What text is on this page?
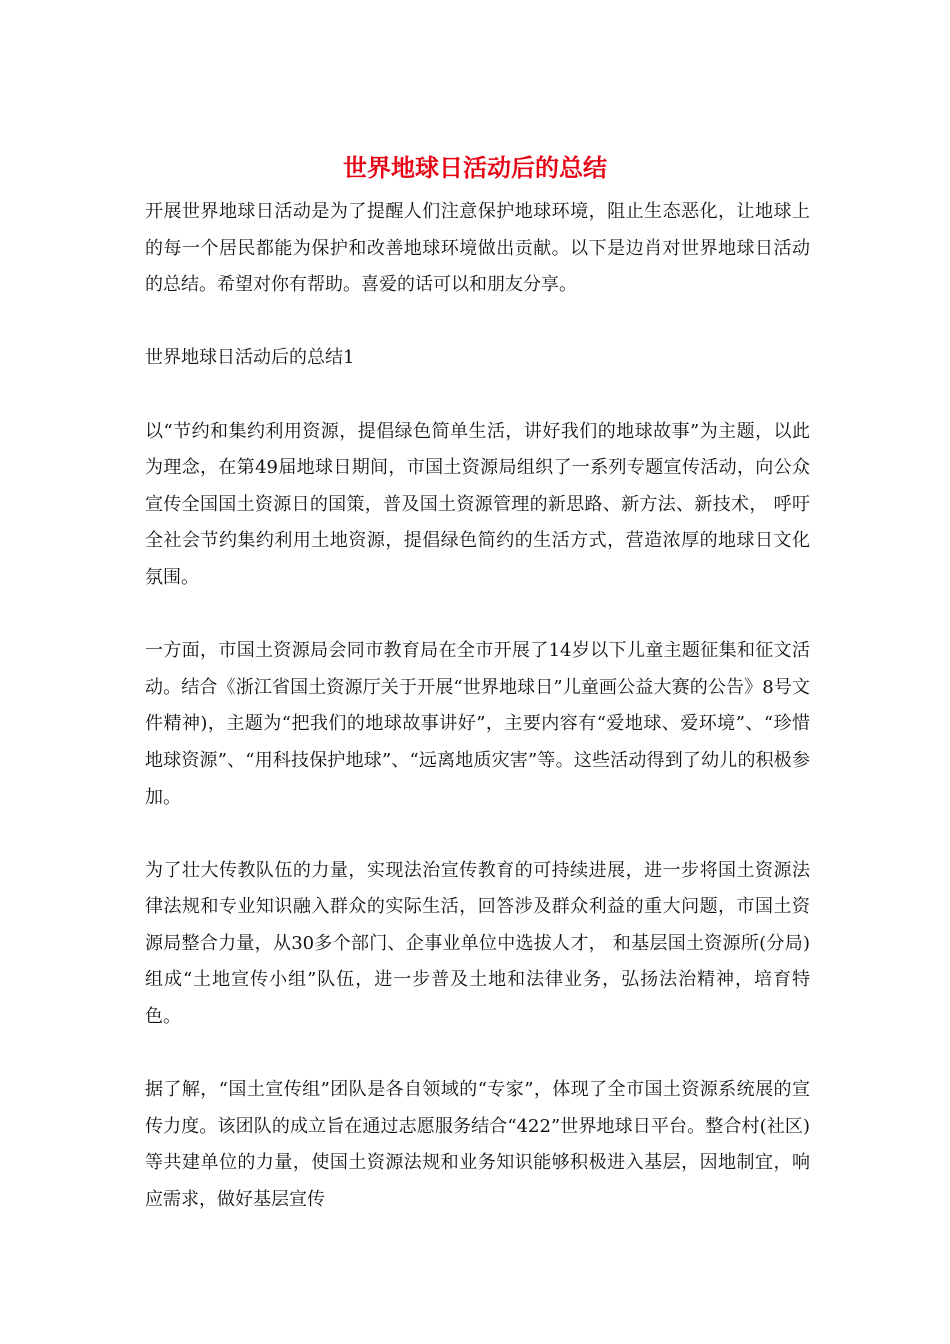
世界地球日活动后的总结

开展世界地球日活动是为了提醒人们注意保护地球环境，阻止生态恶化，让地球上的每一个居民都能为保护和改善地球环境做出贡献。以下是边肖对世界地球日活动的总结。希望对你有帮助。喜爱的话可以和朋友分享。

世界地球日活动后的总结1

以“节约和集约利用资源，提倡绿色简单生活，讲好我们的地球故事”为主题，以此为理念，在第49届地球日期间，市国土资源局组织了一系列专题宣传活动，向公众宣传全国国土资源日的国策，普及国土资源管理的新思路、新方法、新技术， 呼吁全社会节约集约利用土地资源，提倡绿色简约的生活方式，营造浓厚的地球日文化氛围。

一方面，市国土资源局会同市教育局在全市开展了14岁以下儿童主题征集和征文活动。结合《浙江省国土资源厅关于开展“世界地球日”儿童画公益大赛的公告》8号文件精神)，主题为“把我们的地球故事讲好”，主要内容有“爱地球、爱环境”、“珍惜地球资源”、“用科技保护地球”、“远离地质灾害”等。这些活动得到了幼儿的积极参加。

为了壮大传教队伍的力量，实现法治宣传教育的可持续进展，进一步将国土资源法律法规和专业知识融入群众的实际生活，回答涉及群众利益的重大问题，市国土资源局整合力量，从30多个部门、企事业单位中选拔人才， 和基层国土资源所(分局)组成“土地宣传小组”队伍，进一步普及土地和法律业务，弘扬法治精神，培育特色。

据了解，“国土宣传组”团队是各自领域的“专家”，体现了全市国土资源系统展的宣传力度。该团队的成立旨在通过志愿服务结合“422”世界地球日平台。整合村(社区)等共建单位的力量，使国土资源法规和业务知识能够积极进入基层，因地制宜，响应需求，做好基层宣传
